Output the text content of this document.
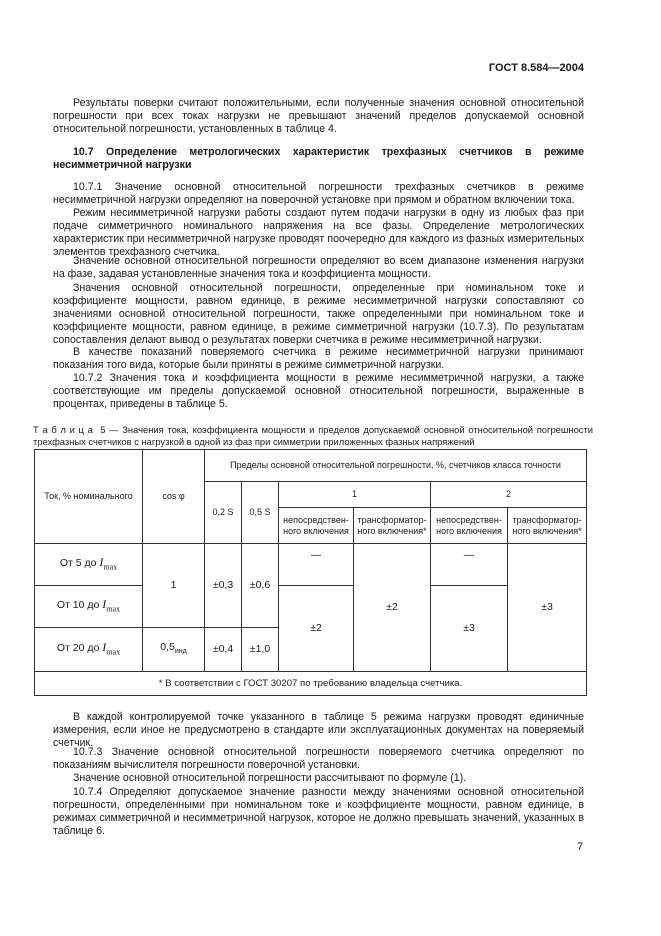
ГОСТ 8.584—2004

Результаты поверки считают положительными, если полученные значения основной относительной погрешности при всех токах нагрузки не превышают значений пределов допускаемой основной относительной погрешности, установленных в таблице 4.

10.7 Определение метрологических характеристик трехфазных счетчиков в режиме несимметричной нагрузки

10.7.1 Значение основной относительной погрешности трехфазных счетчиков в режиме несимметричной нагрузки определяют на поверочной установке при прямом и обратном включении тока.

Режим несимметричной нагрузки работы создают путем подачи нагрузки в одну из любых фаз при подаче симметричного номинального напряжения на все фазы. Определение метрологических характеристик при несимметричной нагрузке проводят поочередно для каждого из фазных измерительных элементов трехфазного счетчика.

Значение основной относительной погрешности определяют во всем диапазоне изменения нагрузки на фазе, задавая установленные значения тока и коэффициента мощности.

Значения основной относительной погрешности, определенные при номинальном токе и коэффициенте мощности, равном единице, в режиме несимметричной нагрузки сопоставляют со значениями основной относительной погрешности, также определенными при номинальном токе и коэффициенте мощности, равном единице, в режиме симметричной нагрузки (10.7.3). По результатам сопоставления делают вывод о результатах поверки счетчика в режиме несимметричной нагрузки.

В качестве показаний поверяемого счетчика в режиме несимметричной нагрузки принимают показания того вида, которые были приняты в режиме симметричной нагрузки.

10.7.2 Значения тока и коэффициента мощности в режиме несимметричной нагрузки, а также соответствующие им пределы допускаемой основной относительной погрешности, выраженные в процентах, приведены в таблице 5.

Т а б л и ц а 5 — Значения тока, коэффициента мощности и пределов допускаемой основной относительной погрешности трехфазных счетчиков с нагрузкой в одной из фаз при симметрии приложенных фазных напряжений

Ток, % номинального	cos φ	Пределы основной относительной погрешности, %, счетчиков класса точности					
		0,2 S	0,5 S	1		2	
				непосредствен-ного включения	трансформатор-ного включения*	непосредствен-ного включения	трансформатор-ного включения*
От 5 до $I_{max}$	1	±0,3	±0,6	—	±2	—	±3
От 10 до $I_{max}$				±2		±3	
От 20 до $I_{max}$	$0,5_{инд}$	±0,4	±1,0				
* В соответствии с ГОСТ 30207 по требованию владельца счетчика.							

В каждой контролируемой точке указанного в таблице 5 режима нагрузки проводят единичные измерения, если иное не предусмотрено в стандарте или эксплуатационных документах на поверяемый счетчик.

10.7.3 Значение основной относительной погрешности поверяемого счетчика определяют по показаниям вычислителя погрешности поверочной установки.

Значение основной относительной погрешности рассчитывают по формуле (1).

10.7.4 Определяют допускаемое значение разности между значениями основной относительной погрешности, определенными при номинальном токе и коэффициенте мощности, равном единице, в режимах симметричной и несимметричной нагрузок, которое не должно превышать значений, указанных в таблице 6.

7
